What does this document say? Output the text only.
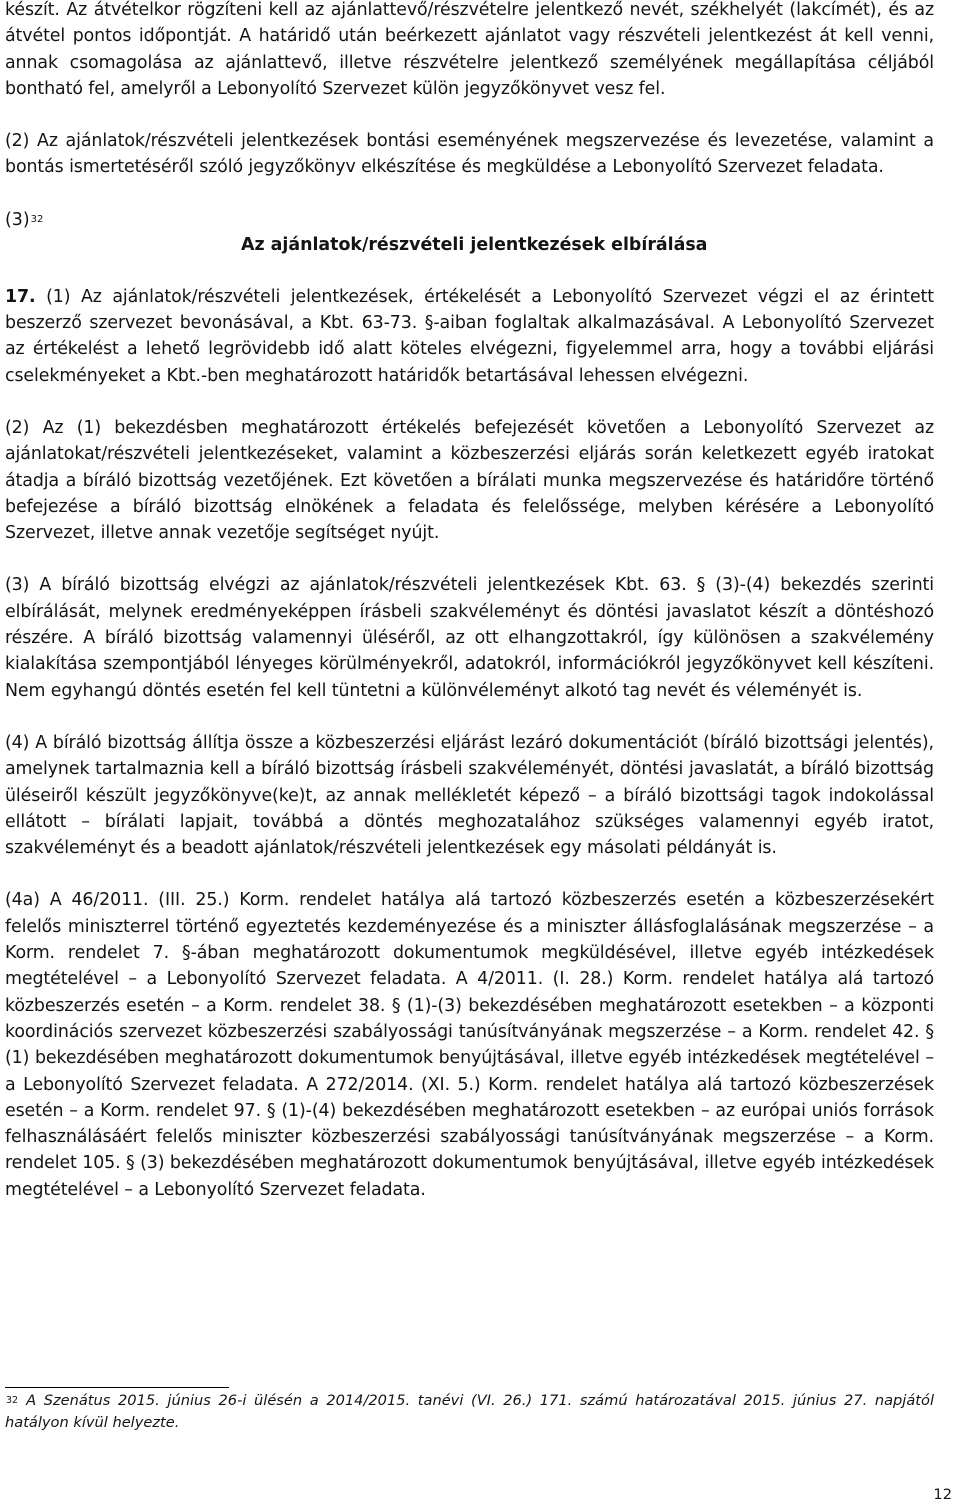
készít. Az átvételkor rögzíteni kell az ajánlattevő/részvételre jelentkező nevét, székhelyét (lakcímét), és az átvétel pontos időpontját. A határidő után beérkezett ajánlatot vagy részvételi jelentkezést át kell venni, annak csomagolása az ajánlattevő, illetve részvételre jelentkező személyének megállapítása céljából bontható fel, amelyről a Lebonyolító Szervezet külön jegyzőkönyvet vesz fel.

(2) Az ajánlatok/részvételi jelentkezések bontási eseményének megszervezése és levezetése, valamint a bontás ismertetéséről szóló jegyzőkönyv elkészítése és megküldése a Lebonyolító Szervezet feladata.

$(3)^{32}$
Az ajánlatok/részvételi jelentkezések elbírálása

17. (1) Az ajánlatok/részvételi jelentkezések, értékelését a Lebonyolító Szervezet végzi el az érintett beszerző szervezet bevonásával, a Kbt. 63-73. §-aiban foglaltak alkalmazásával. A Lebonyolító Szervezet az értékelést a lehető legrövidebb idő alatt köteles elvégezni, figyelemmel arra, hogy a további eljárási cselekményeket a Kbt.-ben meghatározott határidők betartásával lehessen elvégezni.

(2) Az (1) bekezdésben meghatározott értékelés befejezését követően a Lebonyolító Szervezet az ajánlatokat/részvételi jelentkezéseket, valamint a közbeszerzési eljárás során keletkezett egyéb iratokat átadja a bíráló bizottság vezetőjének. Ezt követően a bírálati munka megszervezése és határidőre történő befejezése a bíráló bizottság elnökének a feladata és felelőssége, melyben kérésére a Lebonyolító Szervezet, illetve annak vezetője segítséget nyújt.

(3) A bíráló bizottság elvégzi az ajánlatok/részvételi jelentkezések Kbt. 63. § (3)-(4) bekezdés szerinti elbírálását, melynek eredményeképpen írásbeli szakvéleményt és döntési javaslatot készít a döntéshozó részére. A bíráló bizottság valamennyi üléséről, az ott elhangzottakról, így különösen a szakvélemény kialakítása szempontjából lényeges körülményekről, adatokról, információkról jegyzőkönyvet kell készíteni. Nem egyhangú döntés esetén fel kell tüntetni a különvéleményt alkotó tag nevét és véleményét is.

(4) A bíráló bizottság állítja össze a közbeszerzési eljárást lezáró dokumentációt (bíráló bizottsági jelentés), amelynek tartalmaznia kell a bíráló bizottság írásbeli szakvéleményét, döntési javaslatát, a bíráló bizottság üléseiről készült jegyzőkönyve(ke)t, az annak mellékletét képező – a bíráló bizottsági tagok indokolással ellátott – bírálati lapjait, továbbá a döntés meghozatalához szükséges valamennyi egyéb iratot, szakvéleményt és a beadott ajánlatok/részvételi jelentkezések egy másolati példányát is.

(4a) A 46/2011. (III. 25.) Korm. rendelet hatálya alá tartozó közbeszerzés esetén a közbeszerzésekért felelős miniszterrel történő egyeztetés kezdeményezése és a miniszter állásfoglalásának megszerzése – a Korm. rendelet 7. §-ában meghatározott dokumentumok megküldésével, illetve egyéb intézkedések megtételével – a Lebonyolító Szervezet feladata. A 4/2011. (I. 28.) Korm. rendelet hatálya alá tartozó közbeszerzés esetén – a Korm. rendelet 38. § (1)-(3) bekezdésében meghatározott esetekben – a központi koordinációs szervezet közbeszerzési szabályossági tanúsítványának megszerzése – a Korm. rendelet 42. § (1) bekezdésében meghatározott dokumentumok benyújtásával, illetve egyéb intézkedések megtételével – a Lebonyolító Szervezet feladata. A 272/2014. (XI. 5.) Korm. rendelet hatálya alá tartozó közbeszerzések esetén – a Korm. rendelet 97. § (1)-(4) bekezdésében meghatározott esetekben – az európai uniós források felhasználásáért felelős miniszter közbeszerzési szabályossági tanúsítványának megszerzése – a Korm. rendelet 105. § (3) bekezdésében meghatározott dokumentumok benyújtásával, illetve egyéb intézkedések megtételével – a Lebonyolító Szervezet feladata.

$^{32}$ A Szenátus 2015. június 26-i ülésén a 2014/2015. tanévi (VI. 26.) 171. számú határozatával 2015. június 27. napjától hatályon kívül helyezte.
12
